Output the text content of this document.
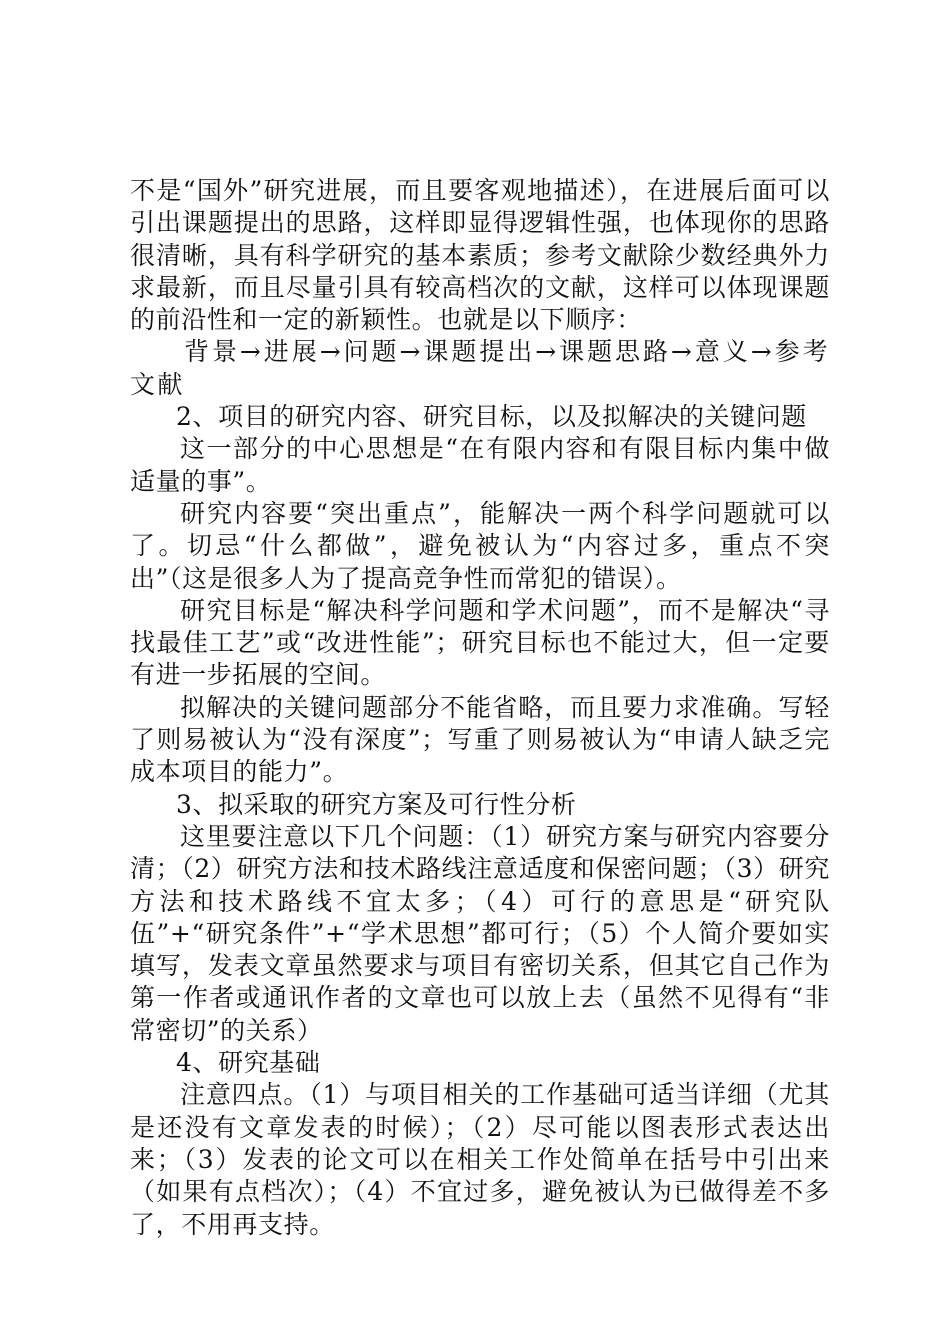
不是“国外”研究进展，而且要客观地描述），在进展后面可以引出课题提出的思路，这样即显得逻辑性强，也体现你的思路很清晰，具有科学研究的基本素质；参考文献除少数经典外力求最新，而且尽量引具有较高档次的文献，这样可以体现课题的前沿性和一定的新颖性。也就是以下顺序：

背景→进展→问题→课题提出→课题思路→意义→参考文献

2、项目的研究内容、研究目标，以及拟解决的关键问题

这一部分的中心思想是“在有限内容和有限目标内集中做适量的事”。

研究内容要“突出重点”，能解决一两个科学问题就可以了。切忌“什么都做”，避免被认为“内容过多，重点不突出”（这是很多人为了提高竞争性而常犯的错误）。

研究目标是“解决科学问题和学术问题”，而不是解决“寻找最佳工艺”或“改进性能”；研究目标也不能过大，但一定要有进一步拓展的空间。

拟解决的关键问题部分不能省略，而且要力求准确。写轻了则易被认为“没有深度”；写重了则易被认为“申请人缺乏完成本项目的能力”。

3、拟采取的研究方案及可行性分析

这里要注意以下几个问题：（1）研究方案与研究内容要分清；（2）研究方法和技术路线注意适度和保密问题；（3）研究方法和技术路线不宜太多；（4）可行的意思是“研究队伍”+“研究条件”+“学术思想”都可行；（5）个人简介要如实填写，发表文章虽然要求与项目有密切关系，但其它自己作为第一作者或通讯作者的文章也可以放上去（虽然不见得有“非常密切”的关系）

4、研究基础

注意四点。（1）与项目相关的工作基础可适当详细（尤其是还没有文章发表的时候）；（2）尽可能以图表形式表达出来；（3）发表的论文可以在相关工作处简单在括号中引出来（如果有点档次）；（4）不宜过多，避免被认为已做得差不多了，不用再支持。
